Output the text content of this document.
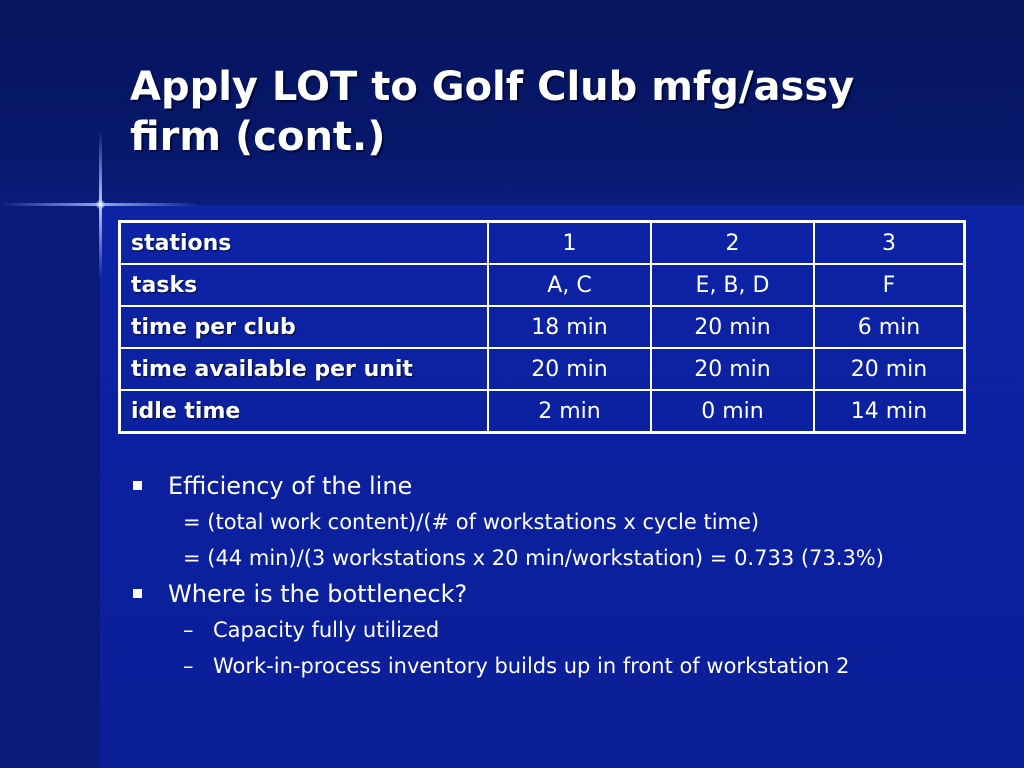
Apply LOT to Golf Club mfg/assy firm (cont.)
stations	1	2	3
tasks	A, C	E, B, D	F
time per club	18 min	20 min	6 min
time available per unit	20 min	20 min	20 min
idle time	2 min	0 min	14 min
Efficiency of the line
= (total work content)/(# of workstations x cycle time)
= (44 min)/(3 workstations x 20 min/workstation) = 0.733 (73.3%)
Where is the bottleneck?
– Capacity fully utilized
– Work-in-process inventory builds up in front of workstation 2
